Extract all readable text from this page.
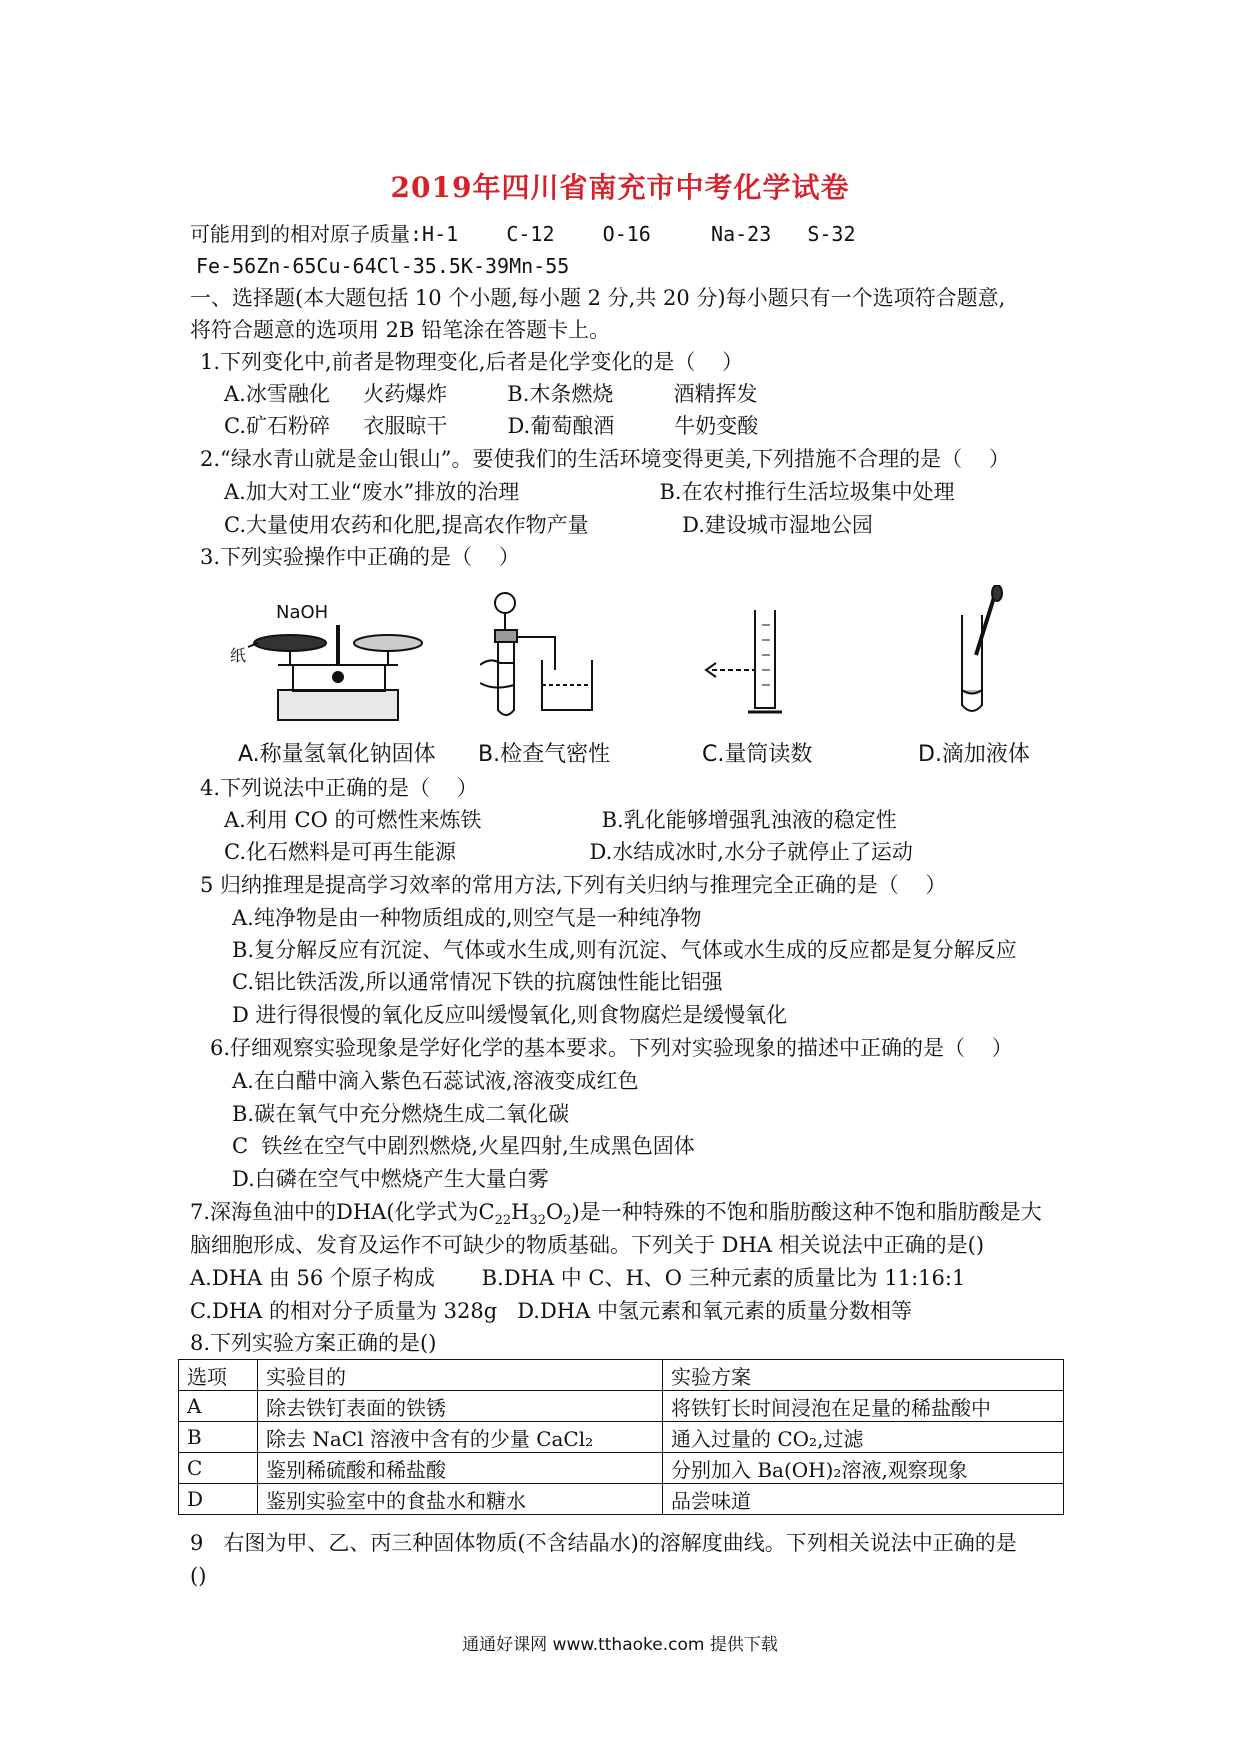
2019年四川省南充市中考化学试卷
可能用到的相对原子质量:H-1    C-12    O-16     Na-23   S-32
Fe-56Zn-65Cu-64Cl-35.5K-39Mn-55
一、选择题(本大题包括 10 个小题,每小题 2 分,共 20 分)每小题只有一个选项符合题意,
将符合题意的选项用 2B 铅笔涂在答题卡上。
1.下列变化中,前者是物理变化,后者是化学变化的是（    ）
A.冰雪融化     火药爆炸         B.木条燃烧         酒精挥发
C.矿石粉碎     衣服晾干         D.葡萄酿酒         牛奶变酸
2.“绿水青山就是金山银山”。要使我们的生活环境变得更美,下列措施不合理的是（    ）
A.加大对工业“废水”排放的治理                     B.在农村推行生活垃圾集中处理
C.大量使用农药和化肥,提高农作物产量              D.建设城市湿地公园
3.下列实验操作中正确的是（    ）
NaOH
纸
A.称量氢氧化钠固体 B.检查气密性	C.量筒读数	D.滴加液体
4.下列说法中正确的是（    ）
A.利用 CO 的可燃性来炼铁                  B.乳化能够增强乳浊液的稳定性
C.化石燃料是可再生能源                    D.水结成冰时,水分子就停止了运动
5 归纳推理是提高学习效率的常用方法,下列有关归纳与推理完全正确的是（    ）
A.纯净物是由一种物质组成的,则空气是一种纯净物
B.复分解反应有沉淀、气体或水生成,则有沉淀、气体或水生成的反应都是复分解反应
C.铝比铁活泼,所以通常情况下铁的抗腐蚀性能比铝强
D 进行得很慢的氧化反应叫缓慢氧化,则食物腐烂是缓慢氧化
6.仔细观察实验现象是学好化学的基本要求。下列对实验现象的描述中正确的是（    ）
A.在白醋中滴入紫色石蕊试液,溶液变成红色
B.碳在氧气中充分燃烧生成二氧化碳
C  铁丝在空气中剧烈燃烧,火星四射,生成黑色固体
D.白磷在空气中燃烧产生大量白雾
7.深海鱼油中的DHA(化学式为$C_{22}H_{32}O_2$)是一种特殊的不饱和脂肪酸这种不饱和脂肪酸是大
脑细胞形成、发育及运作不可缺少的物质基础。下列关于 DHA 相关说法中正确的是()
A.DHA 由 56 个原子构成       B.DHA 中 C、H、O 三种元素的质量比为 11:16:1
C.DHA 的相对分子质量为 328g   D.DHA 中氢元素和氧元素的质量分数相等
8.下列实验方案正确的是()
选项	实验目的	实验方案
A	除去铁钉表面的铁锈	将铁钉长时间浸泡在足量的稀盐酸中
B	除去 NaCl 溶液中含有的少量 CaCl₂	通入过量的 CO₂,过滤
C	鉴别稀硫酸和稀盐酸	分别加入 Ba(OH)₂溶液,观察现象
D	鉴别实验室中的食盐水和糖水	品尝味道
9   右图为甲、乙、丙三种固体物质(不含结晶水)的溶解度曲线。下列相关说法中正确的是
()
通通好课网 www.tthaoke.com 提供下载
